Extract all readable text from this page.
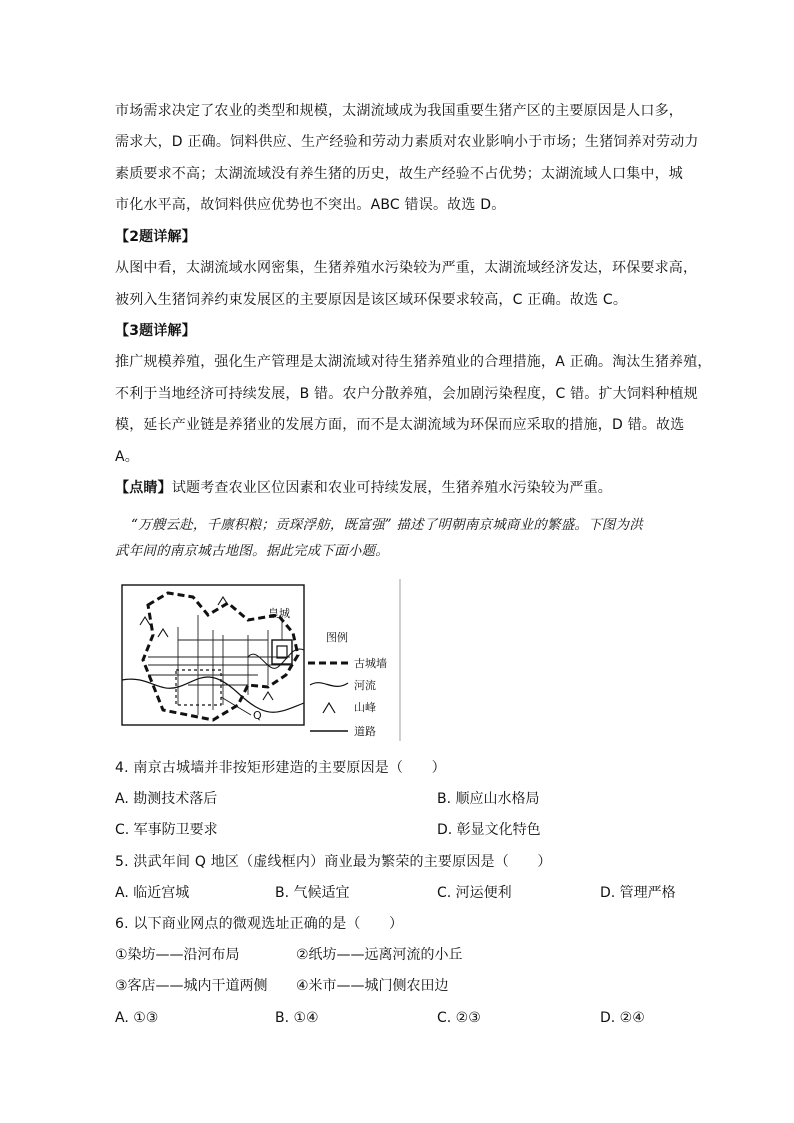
市场需求决定了农业的类型和规模，太湖流域成为我国重要生猪产区的主要原因是人口多，
需求大，D 正确。饲料供应、生产经验和劳动力素质对农业影响小于市场；生猪饲养对劳动力
素质要求不高；太湖流域没有养生猪的历史，故生产经验不占优势；太湖流域人口集中，城
市化水平高，故饲料供应优势也不突出。ABC 错误。故选 D。
【2题详解】
从图中看，太湖流域水网密集，生猪养殖水污染较为严重，太湖流域经济发达，环保要求高，
被列入生猪饲养约束发展区的主要原因是该区域环保要求较高，C 正确。故选 C。
【3题详解】
推广规模养殖，强化生产管理是太湖流域对待生猪养殖业的合理措施，A 正确。淘汰生猪养殖，
不利于当地经济可持续发展，B 错。农户分散养殖，会加剧污染程度，C 错。扩大饲料种植规
模，延长产业链是养猪业的发展方面，而不是太湖流域为环保而应采取的措施，D 错。故选
A。
【点睛】试题考查农业区位因素和农业可持续发展，生猪养殖水污染较为严重。
“万艘云赴，千廪积粮；贡琛浮舫，既富强” 描述了明朝南京城商业的繁盛。下图为洪
武年间的南京城古地图。据此完成下面小题。
Q
皇城
图例
古城墙
河流
山峰
道路
4. 南京古城墙并非按矩形建造的主要原因是（　　）
A. 勘测技术落后	B. 顺应山水格局
C. 军事防卫要求	D. 彰显文化特色
5. 洪武年间 Q 地区（虚线框内）商业最为繁荣的主要原因是（　　）
A. 临近宫城	B. 气候适宜	C. 河运便利	D. 管理严格
6. 以下商业网点的微观选址正确的是（　　）
①染坊——沿河布局	②纸坊——远离河流的小丘
③客店——城内干道两侧 ④米市——城门侧农田边
A. ①③	B. ①④	C. ②③	D. ②④
